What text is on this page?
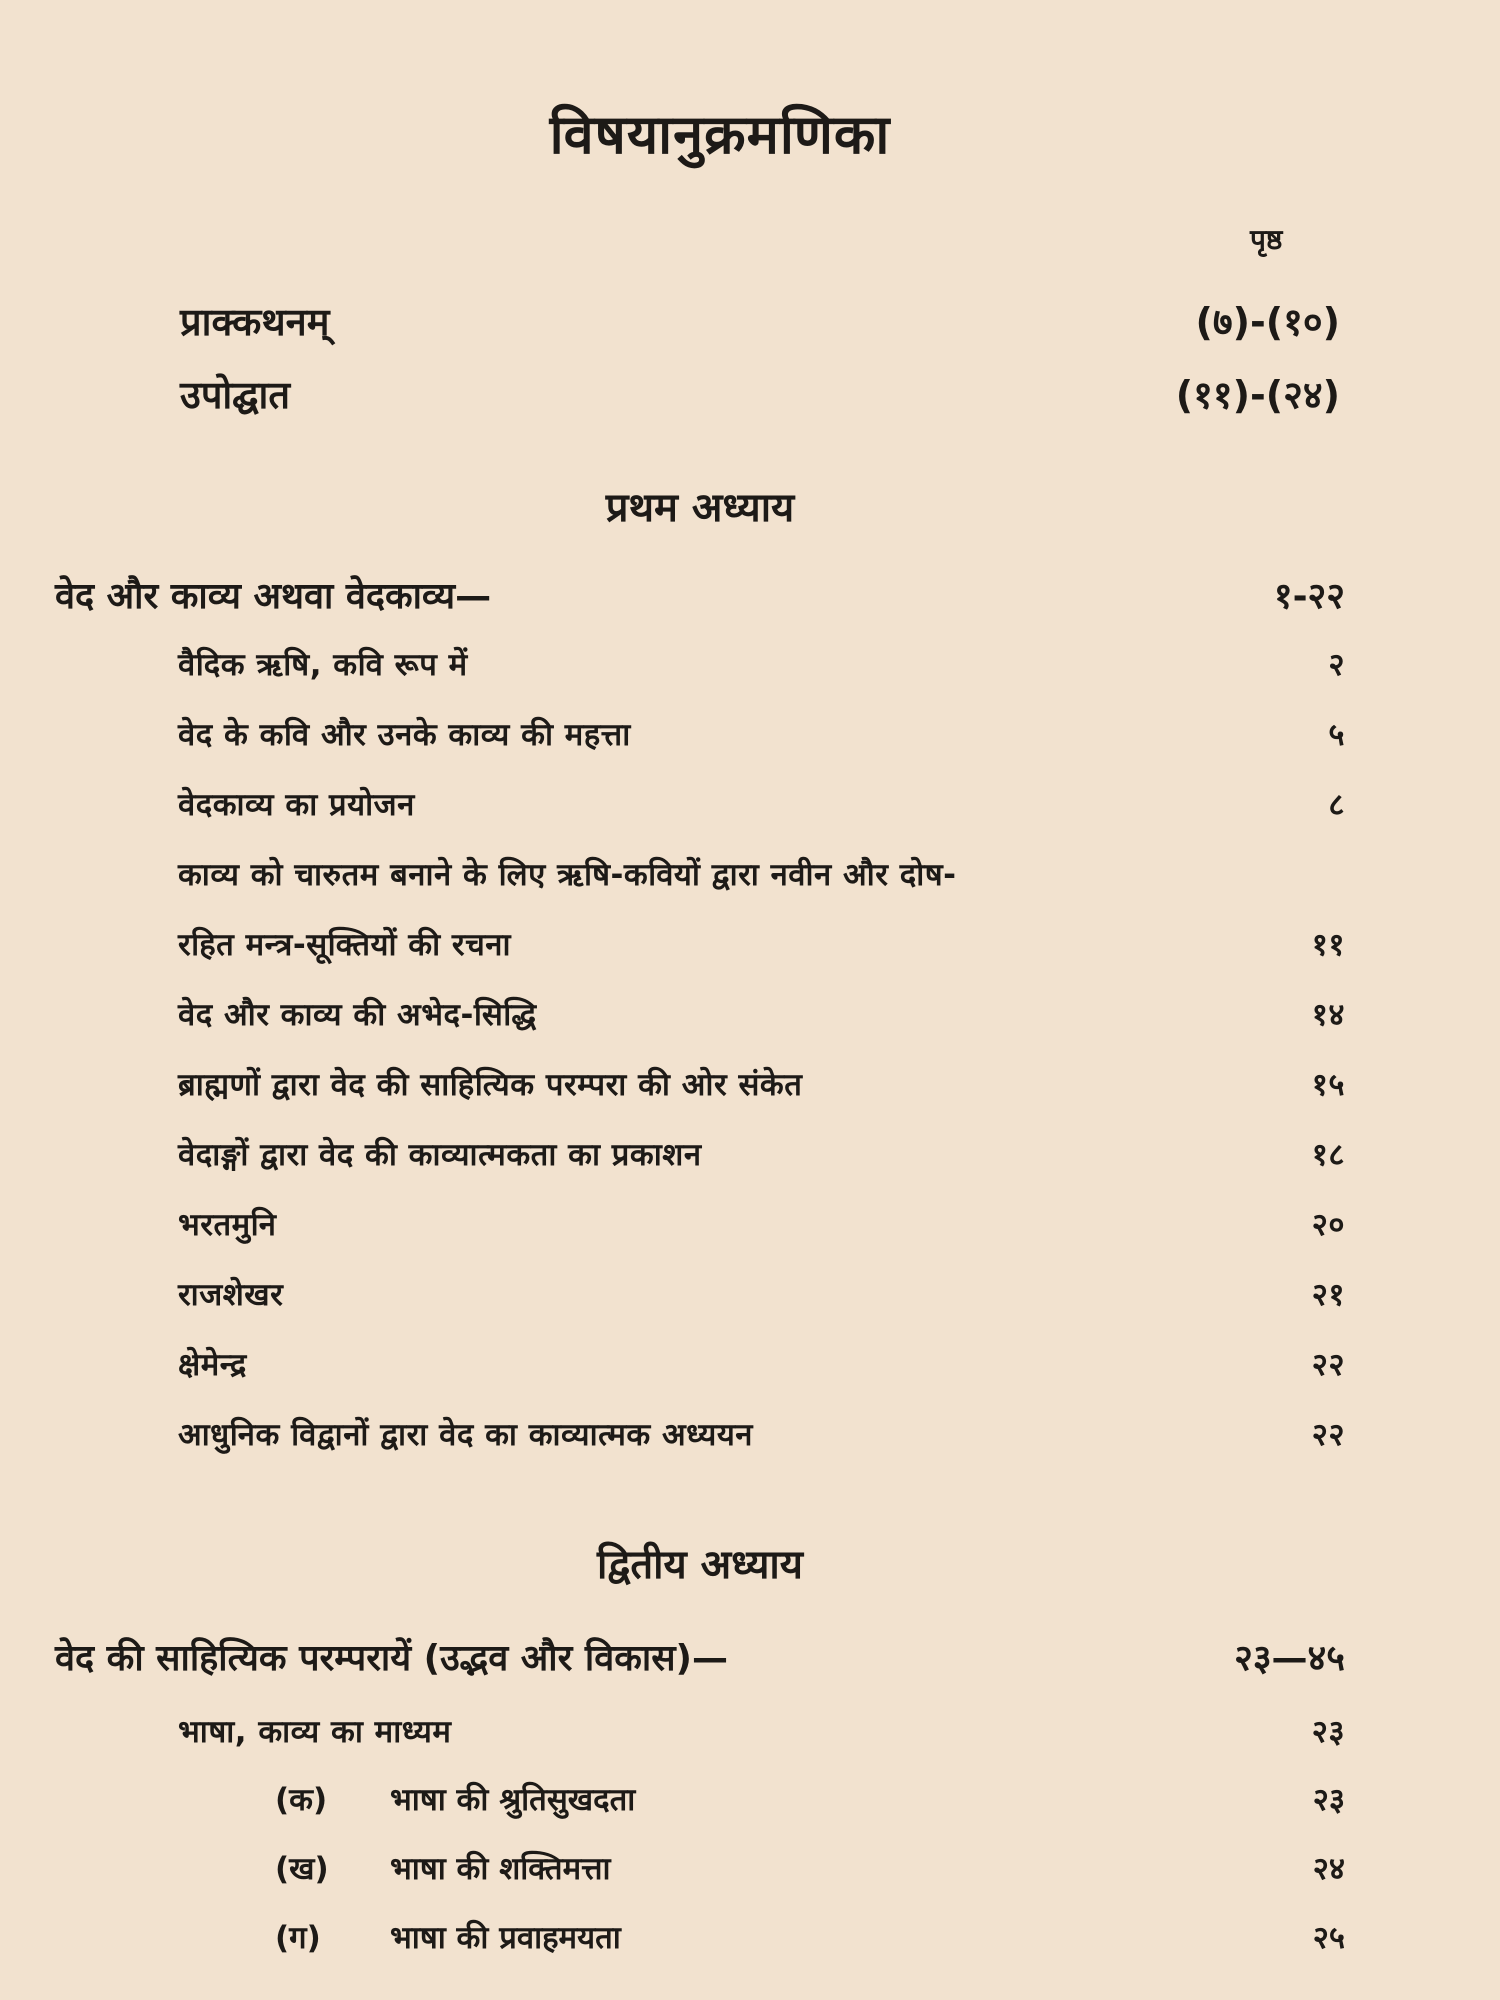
विषयानुक्रमणिका
पृष्ठ
प्राक्कथनम्	(७)-(१०)
उपोद्घात	(११)-(२४)
प्रथम अध्याय
वेद और काव्य अथवा वेदकाव्य—	१-२२
वैदिक ऋषि, कवि रूप में	२
वेद के कवि और उनके काव्य की महत्ता	५
वेदकाव्य का प्रयोजन	८
काव्य को चारुतम बनाने के लिए ऋषि-कवियों द्वारा नवीन और दोष-
रहित मन्त्र-सूक्तियों की रचना	११
वेद और काव्य की अभेद-सिद्धि	१४
ब्राह्मणों द्वारा वेद की साहित्यिक परम्परा की ओर संकेत	१५
वेदाङ्गों द्वारा वेद की काव्यात्मकता का प्रकाशन	१८
भरतमुनि	२०
राजशेखर	२१
क्षेमेन्द्र	२२
आधुनिक विद्वानों द्वारा वेद का काव्यात्मक अध्ययन	२२
द्वितीय अध्याय
वेद की साहित्यिक परम्परायें (उद्भव और विकास)—	२३—४५
भाषा, काव्य का माध्यम	२३
(क) भाषा की श्रुतिसुखदता	२३
(ख) भाषा की शक्तिमत्ता	२४
(ग) भाषा की प्रवाहमयता	२५
